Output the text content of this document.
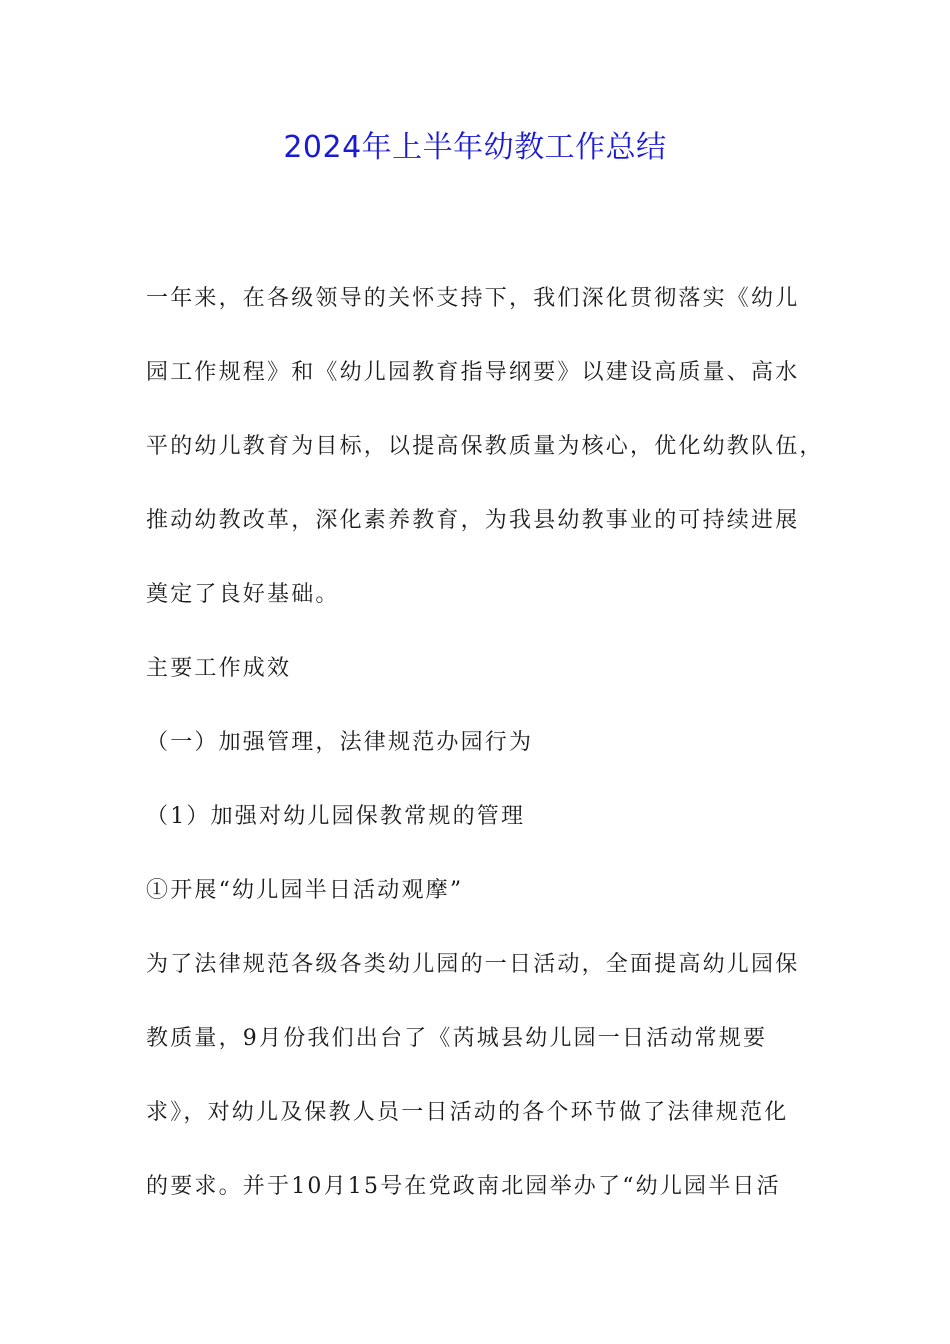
2024年上半年幼教工作总结

一年来，在各级领导的关怀支持下，我们深化贯彻落实《幼儿
园工作规程》和《幼儿园教育指导纲要》以建设高质量、高水
平的幼儿教育为目标，以提高保教质量为核心，优化幼教队伍，
推动幼教改革，深化素养教育，为我县幼教事业的可持续进展
奠定了良好基础。

主要工作成效

（一）加强管理，法律规范办园行为

（1）加强对幼儿园保教常规的管理

①开展“幼儿园半日活动观摩”

为了法律规范各级各类幼儿园的一日活动，全面提高幼儿园保
教质量，9月份我们出台了《芮城县幼儿园一日活动常规要
求》，对幼儿及保教人员一日活动的各个环节做了法律规范化
的要求。并于10月15号在党政南北园举办了“幼儿园半日活
